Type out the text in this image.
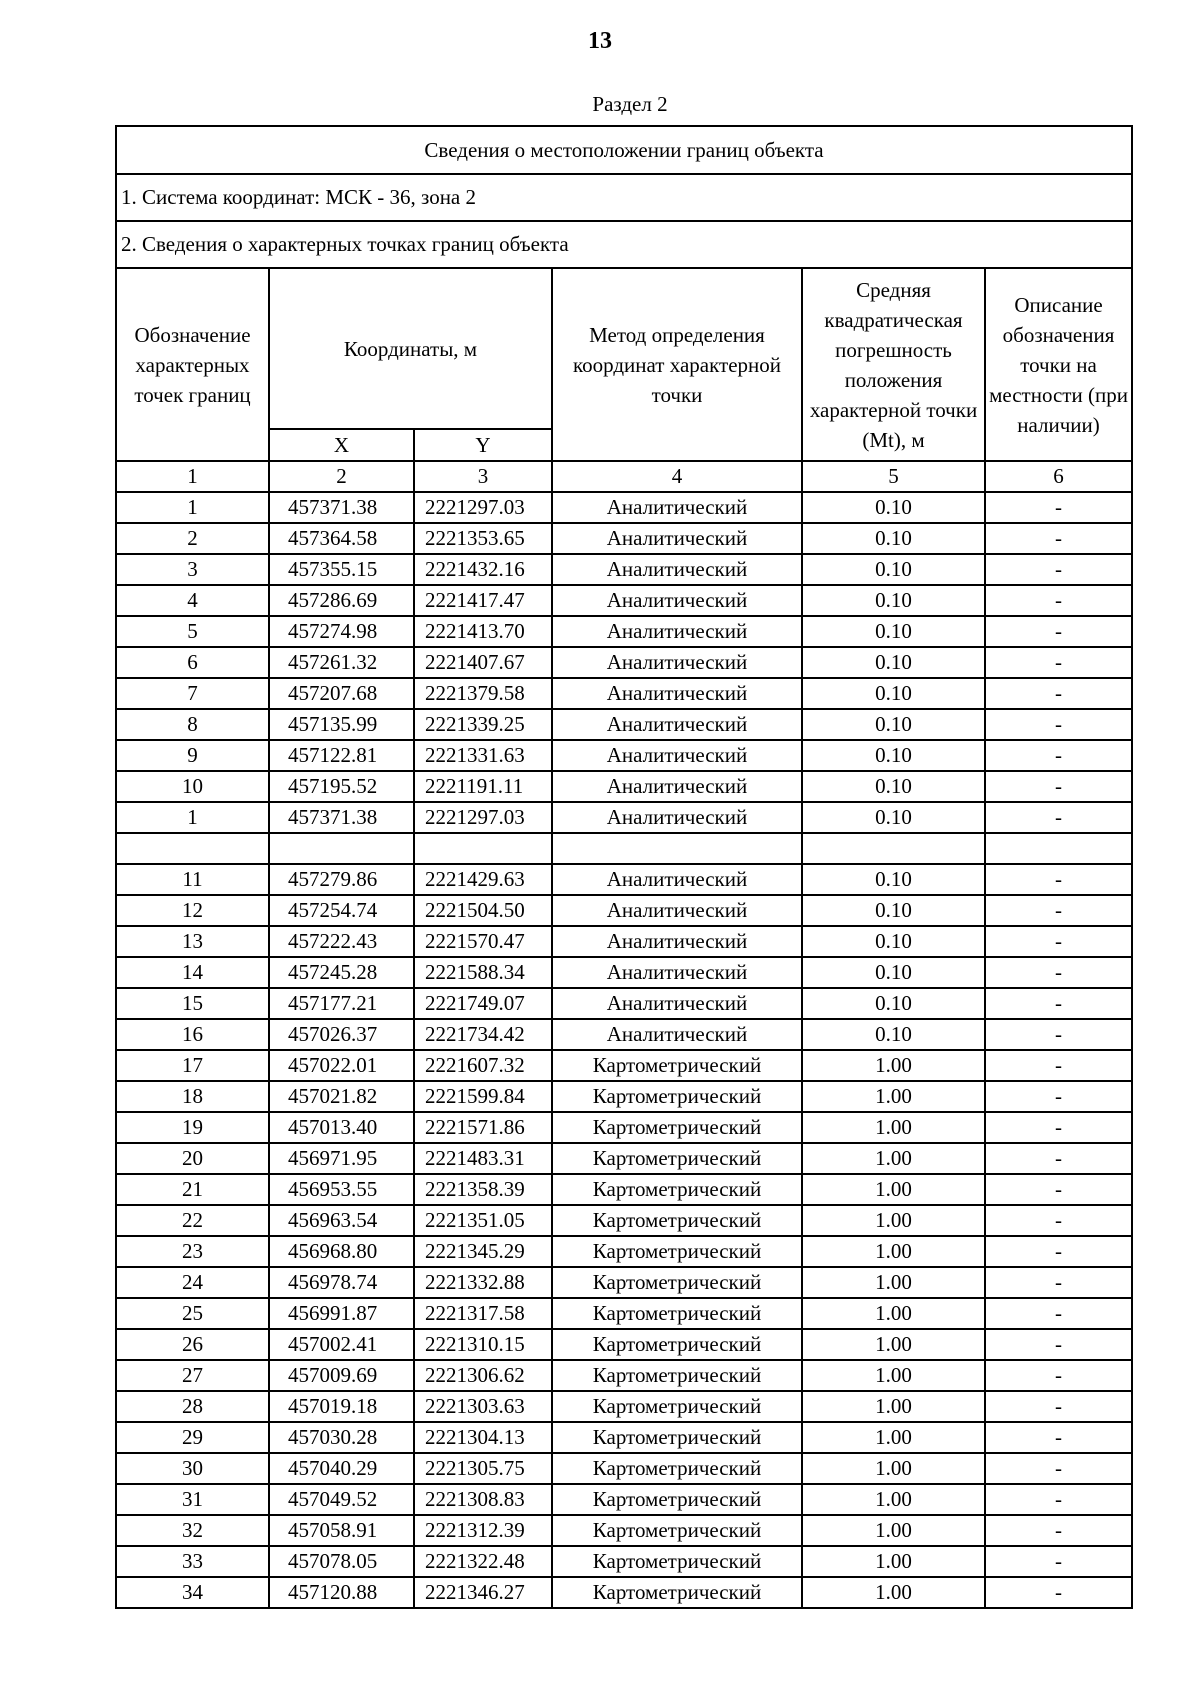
13
Раздел 2
Сведения о местоположении границ объекта					
1. Система координат: МСК - 36, зона 2					
2. Сведения о характерных точках границ объекта					
Обозначение характерных точек границ	Координаты, м		Метод определения координат характерной точки	Средняя квадратическая погрешность положения характерной точки (Mt), м	Описание обозначения точки на местности (при наличии)
	X	Y			
1	2	3	4	5	6
1	457371.38	2221297.03	Аналитический	0.10	-
2	457364.58	2221353.65	Аналитический	0.10	-
3	457355.15	2221432.16	Аналитический	0.10	-
4	457286.69	2221417.47	Аналитический	0.10	-
5	457274.98	2221413.70	Аналитический	0.10	-
6	457261.32	2221407.67	Аналитический	0.10	-
7	457207.68	2221379.58	Аналитический	0.10	-
8	457135.99	2221339.25	Аналитический	0.10	-
9	457122.81	2221331.63	Аналитический	0.10	-
10	457195.52	2221191.11	Аналитический	0.10	-
1	457371.38	2221297.03	Аналитический	0.10	-

11	457279.86	2221429.63	Аналитический	0.10	-
12	457254.74	2221504.50	Аналитический	0.10	-
13	457222.43	2221570.47	Аналитический	0.10	-
14	457245.28	2221588.34	Аналитический	0.10	-
15	457177.21	2221749.07	Аналитический	0.10	-
16	457026.37	2221734.42	Аналитический	0.10	-
17	457022.01	2221607.32	Картометрический	1.00	-
18	457021.82	2221599.84	Картометрический	1.00	-
19	457013.40	2221571.86	Картометрический	1.00	-
20	456971.95	2221483.31	Картометрический	1.00	-
21	456953.55	2221358.39	Картометрический	1.00	-
22	456963.54	2221351.05	Картометрический	1.00	-
23	456968.80	2221345.29	Картометрический	1.00	-
24	456978.74	2221332.88	Картометрический	1.00	-
25	456991.87	2221317.58	Картометрический	1.00	-
26	457002.41	2221310.15	Картометрический	1.00	-
27	457009.69	2221306.62	Картометрический	1.00	-
28	457019.18	2221303.63	Картометрический	1.00	-
29	457030.28	2221304.13	Картометрический	1.00	-
30	457040.29	2221305.75	Картометрический	1.00	-
31	457049.52	2221308.83	Картометрический	1.00	-
32	457058.91	2221312.39	Картометрический	1.00	-
33	457078.05	2221322.48	Картометрический	1.00	-
34	457120.88	2221346.27	Картометрический	1.00	-
